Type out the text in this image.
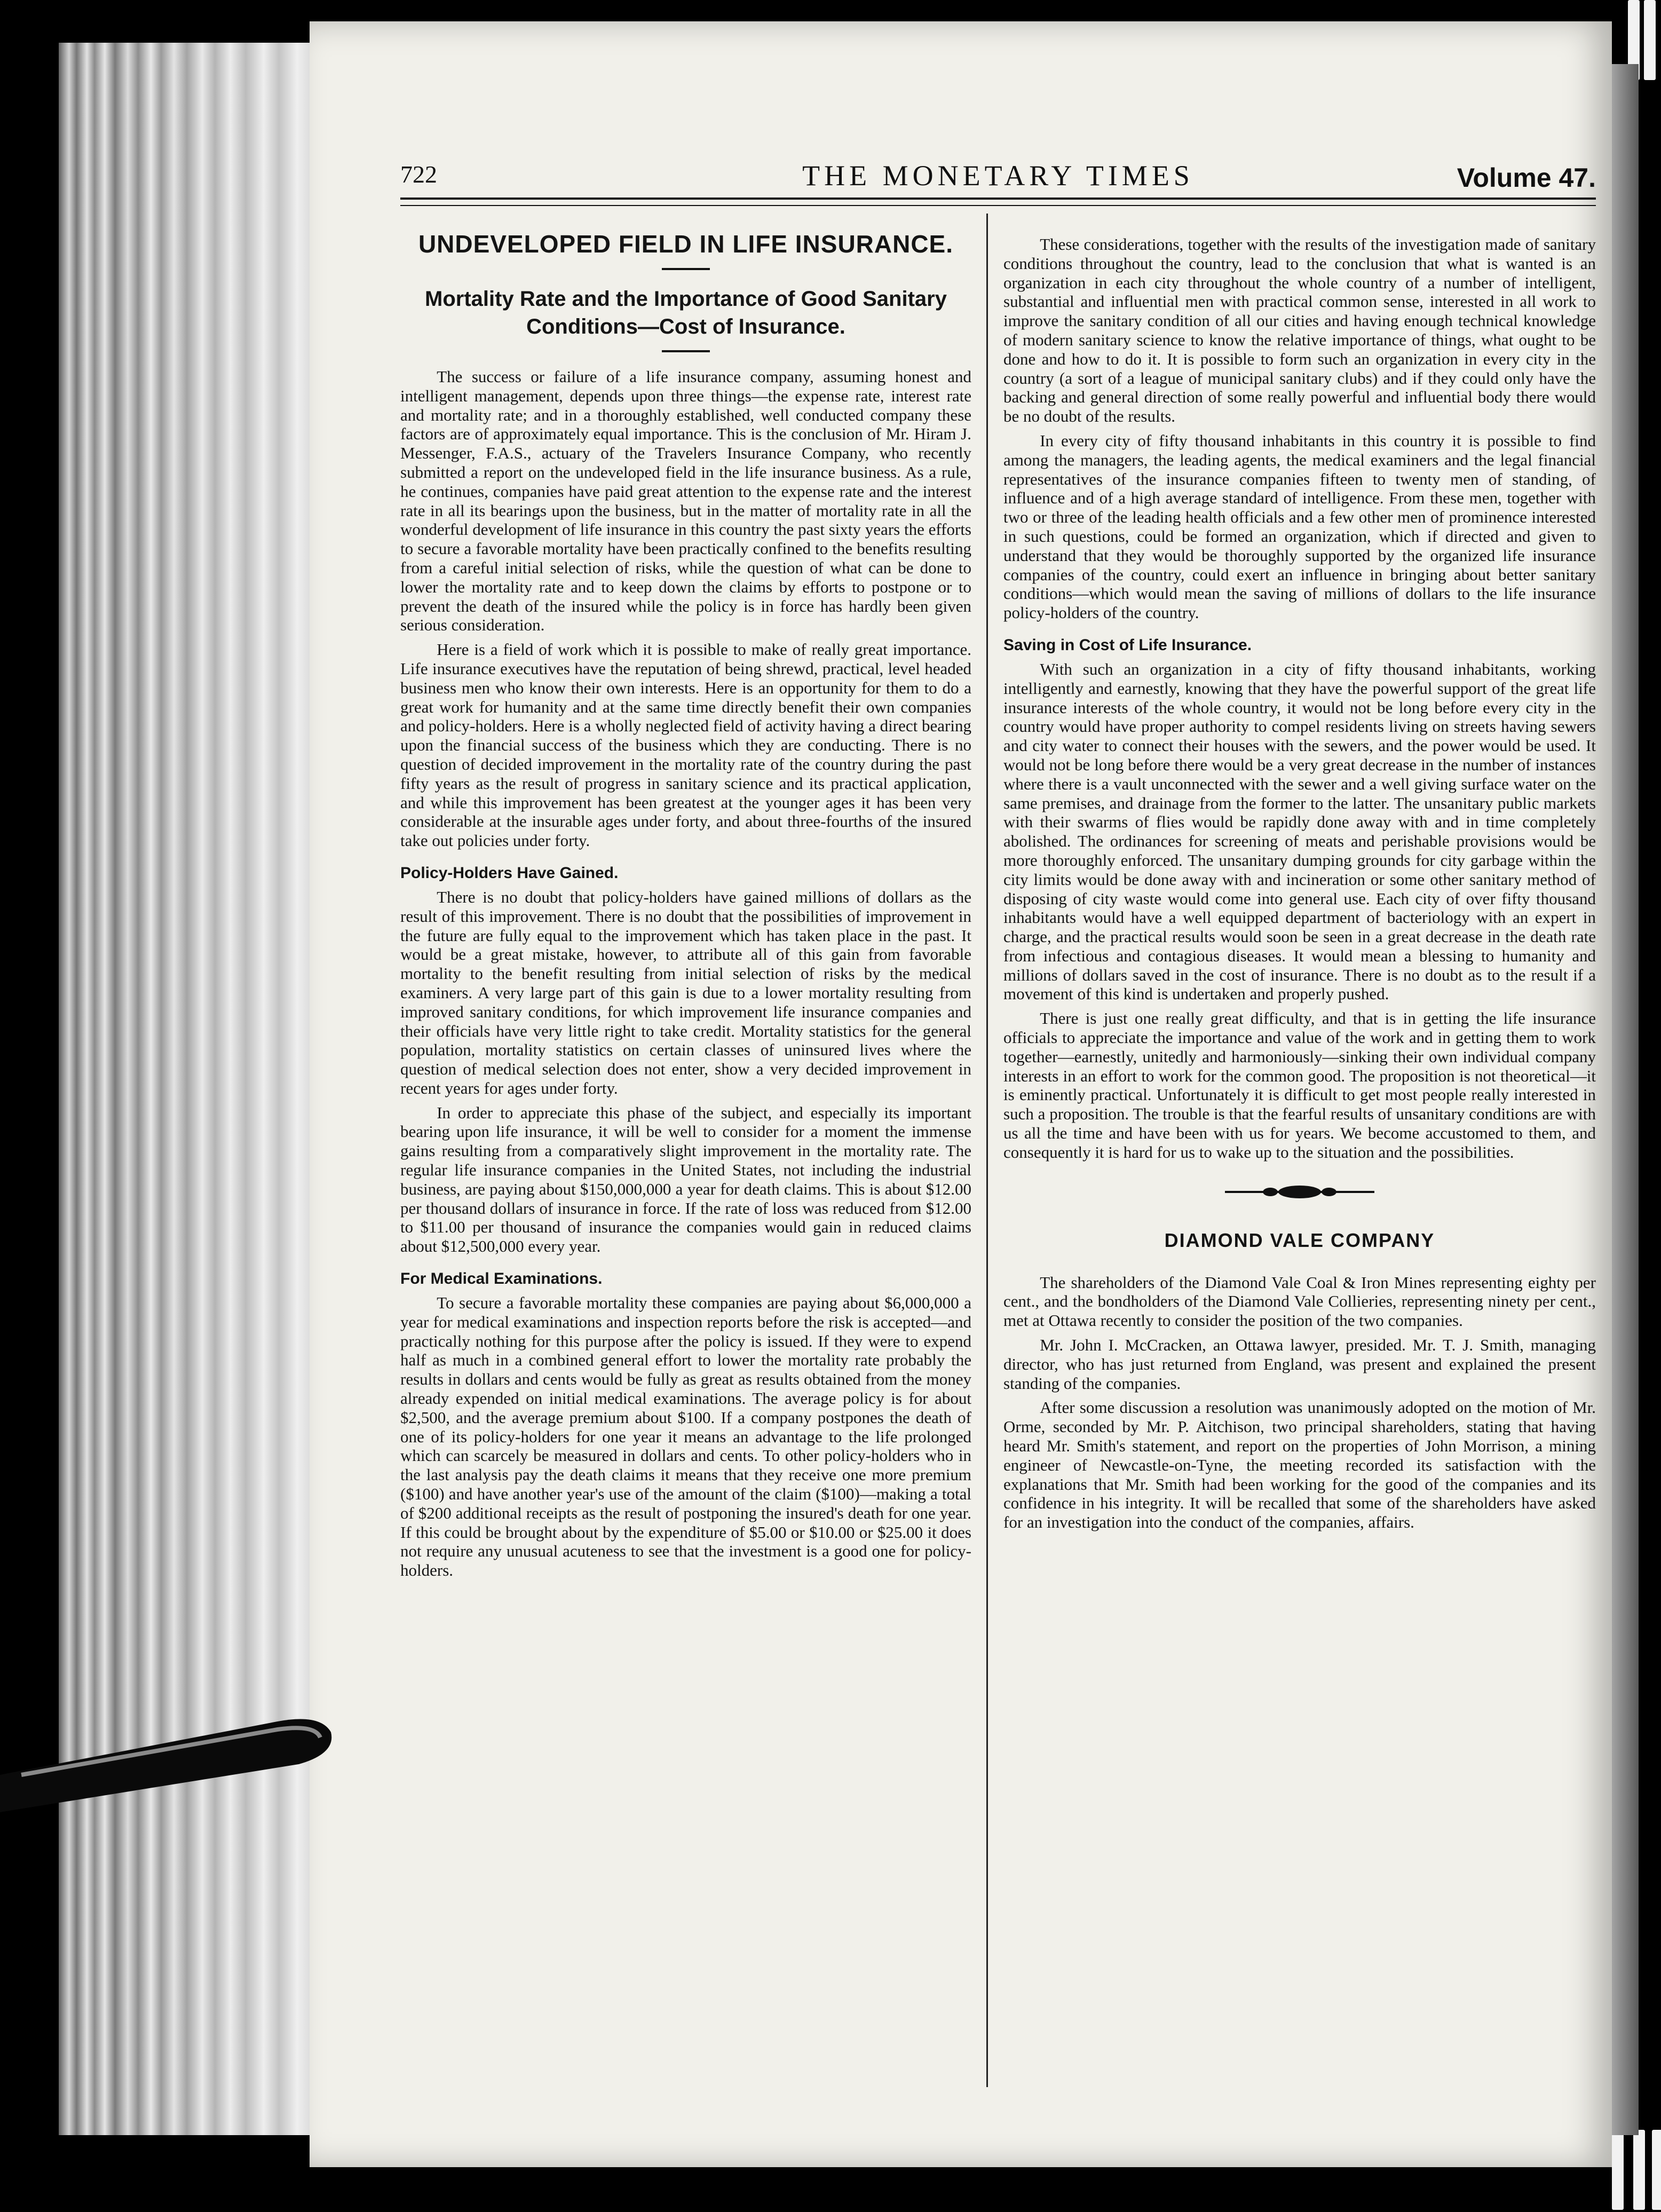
722	THE MONETARY TIMES	Volume 47.
UNDEVELOPED FIELD IN LIFE INSURANCE.
Mortality Rate and the Importance of Good Sanitary Conditions—Cost of Insurance.

The success or failure of a life insurance company, assuming honest and intelligent management, depends upon three things—the expense rate, interest rate and mortality rate; and in a thoroughly established, well conducted company these factors are of approximately equal importance. This is the conclusion of Mr. Hiram J. Messenger, F.A.S., actuary of the Travelers Insurance Company, who recently submitted a report on the undeveloped field in the life insurance business. As a rule, he continues, companies have paid great attention to the expense rate and the interest rate in all its bearings upon the business, but in the matter of mortality rate in all the wonderful development of life insurance in this country the past sixty years the efforts to secure a favorable mortality have been practically confined to the benefits resulting from a careful initial selection of risks, while the question of what can be done to lower the mortality rate and to keep down the claims by efforts to postpone or to prevent the death of the insured while the policy is in force has hardly been given serious consideration.

Here is a field of work which it is possible to make of really great importance. Life insurance executives have the reputation of being shrewd, practical, level headed business men who know their own interests. Here is an opportunity for them to do a great work for humanity and at the same time directly benefit their own companies and policy-holders. Here is a wholly neglected field of activity having a direct bearing upon the financial success of the business which they are conducting. There is no question of decided improvement in the mortality rate of the country during the past fifty years as the result of progress in sanitary science and its practical application, and while this improvement has been greatest at the younger ages it has been very considerable at the insurable ages under forty, and about three-fourths of the insured take out policies under forty.

Policy-Holders Have Gained.

There is no doubt that policy-holders have gained millions of dollars as the result of this improvement. There is no doubt that the possibilities of improvement in the future are fully equal to the improvement which has taken place in the past. It would be a great mistake, however, to attribute all of this gain from favorable mortality to the benefit resulting from initial selection of risks by the medical examiners. A very large part of this gain is due to a lower mortality resulting from improved sanitary conditions, for which improvement life insurance companies and their officials have very little right to take credit. Mortality statistics for the general population, mortality statistics on certain classes of uninsured lives where the question of medical selection does not enter, show a very decided improvement in recent years for ages under forty.

In order to appreciate this phase of the subject, and especially its important bearing upon life insurance, it will be well to consider for a moment the immense gains resulting from a comparatively slight improvement in the mortality rate. The regular life insurance companies in the United States, not including the industrial business, are paying about $150,000,000 a year for death claims. This is about $12.00 per thousand dollars of insurance in force. If the rate of loss was reduced from $12.00 to $11.00 per thousand of insurance the companies would gain in reduced claims about $12,500,000 every year.

For Medical Examinations.

To secure a favorable mortality these companies are paying about $6,000,000 a year for medical examinations and inspection reports before the risk is accepted—and practically nothing for this purpose after the policy is issued. If they were to expend half as much in a combined general effort to lower the mortality rate probably the results in dollars and cents would be fully as great as results obtained from the money already expended on initial medical examinations. The average policy is for about $2,500, and the average premium about $100. If a company postpones the death of one of its policy-holders for one year it means an advantage to the life prolonged which can scarcely be measured in dollars and cents. To other policy-holders who in the last analysis pay the death claims it means that they receive one more premium ($100) and have another year's use of the amount of the claim ($100)—making a total of $200 additional receipts as the result of postponing the insured's death for one year. If this could be brought about by the expenditure of $5.00 or $10.00 or $25.00 it does not require any unusual acuteness to see that the investment is a good one for policy-holders.

These considerations, together with the results of the investigation made of sanitary conditions throughout the country, lead to the conclusion that what is wanted is an organization in each city throughout the whole country of a number of intelligent, substantial and influential men with practical common sense, interested in all work to improve the sanitary condition of all our cities and having enough technical knowledge of modern sanitary science to know the relative importance of things, what ought to be done and how to do it. It is possible to form such an organization in every city in the country (a sort of a league of municipal sanitary clubs) and if they could only have the backing and general direction of some really powerful and influential body there would be no doubt of the results.

In every city of fifty thousand inhabitants in this country it is possible to find among the managers, the leading agents, the medical examiners and the legal financial representatives of the insurance companies fifteen to twenty men of standing, of influence and of a high average standard of intelligence. From these men, together with two or three of the leading health officials and a few other men of prominence interested in such questions, could be formed an organization, which if directed and given to understand that they would be thoroughly supported by the organized life insurance companies of the country, could exert an influence in bringing about better sanitary conditions—which would mean the saving of millions of dollars to the life insurance policy-holders of the country.

Saving in Cost of Life Insurance.

With such an organization in a city of fifty thousand inhabitants, working intelligently and earnestly, knowing that they have the powerful support of the great life insurance interests of the whole country, it would not be long before every city in the country would have proper authority to compel residents living on streets having sewers and city water to connect their houses with the sewers, and the power would be used. It would not be long before there would be a very great decrease in the number of instances where there is a vault unconnected with the sewer and a well giving surface water on the same premises, and drainage from the former to the latter. The unsanitary public markets with their swarms of flies would be rapidly done away with and in time completely abolished. The ordinances for screening of meats and perishable provisions would be more thoroughly enforced. The unsanitary dumping grounds for city garbage within the city limits would be done away with and incineration or some other sanitary method of disposing of city waste would come into general use. Each city of over fifty thousand inhabitants would have a well equipped department of bacteriology with an expert in charge, and the practical results would soon be seen in a great decrease in the death rate from infectious and contagious diseases. It would mean a blessing to humanity and millions of dollars saved in the cost of insurance. There is no doubt as to the result if a movement of this kind is undertaken and properly pushed.

There is just one really great difficulty, and that is in getting the life insurance officials to appreciate the importance and value of the work and in getting them to work together—earnestly, unitedly and harmoniously—sinking their own individual company interests in an effort to work for the common good. The proposition is not theoretical—it is eminently practical. Unfortunately it is difficult to get most people really interested in such a proposition. The trouble is that the fearful results of unsanitary conditions are with us all the time and have been with us for years. We become accustomed to them, and consequently it is hard for us to wake up to the situation and the possibilities.

DIAMOND VALE COMPANY

The shareholders of the Diamond Vale Coal & Iron Mines representing eighty per cent., and the bondholders of the Diamond Vale Collieries, representing ninety per cent., met at Ottawa recently to consider the position of the two companies.

Mr. John I. McCracken, an Ottawa lawyer, presided. Mr. T. J. Smith, managing director, who has just returned from England, was present and explained the present standing of the companies.

After some discussion a resolution was unanimously adopted on the motion of Mr. Orme, seconded by Mr. P. Aitchison, two principal shareholders, stating that having heard Mr. Smith's statement, and report on the properties of John Morrison, a mining engineer of Newcastle-on-Tyne, the meeting recorded its satisfaction with the explanations that Mr. Smith had been working for the good of the companies and its confidence in his integrity. It will be recalled that some of the shareholders have asked for an investigation into the conduct of the companies, affairs.
